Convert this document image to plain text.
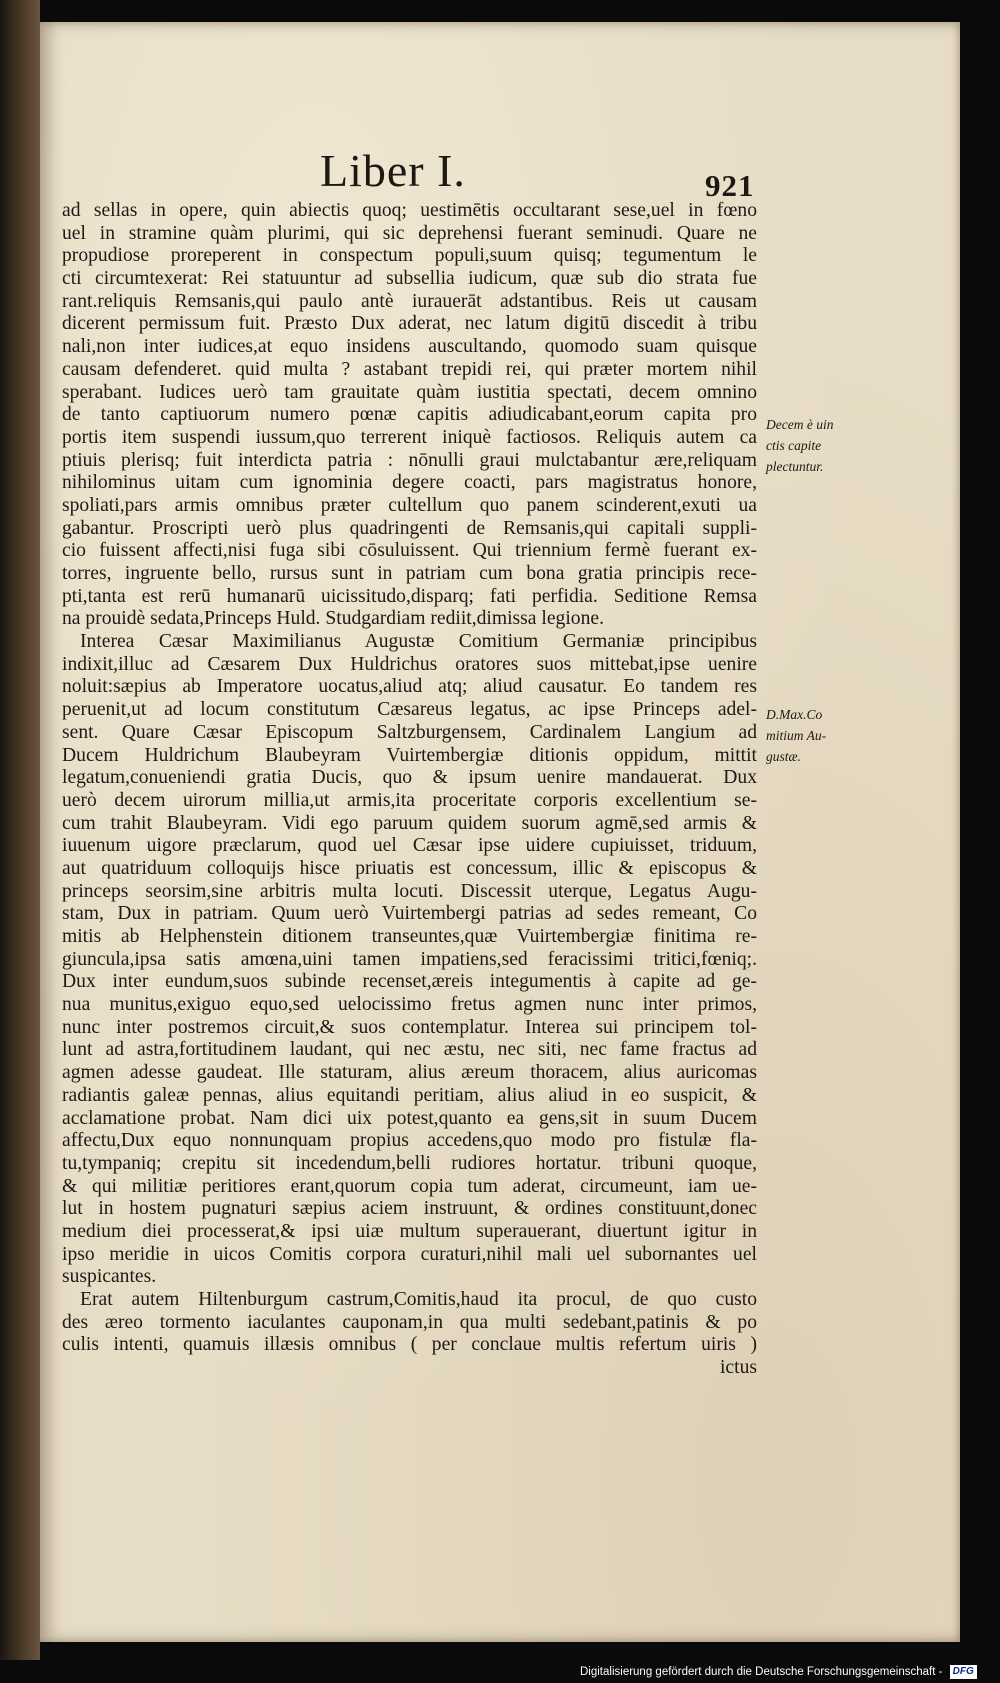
Liber I.	921
ad sellas in opere, quin abiectis quoq; uestimētis occultarant sese,uel in fœno
uel in stramine quàm plurimi, qui sic deprehensi fuerant seminudi. Quare ne
propudiose proreperent in conspectum populi,suum quisq; tegumentum le
cti circumtexerat: Rei statuuntur ad subsellia iudicum, quæ sub dio strata fue
rant.reliquis Remsanis,qui paulo antè iurauerāt adstantibus. Reis ut causam
dicerent permissum fuit. Præsto Dux aderat, nec latum digitū discedit à tribu
nali,non inter iudices,at equo insidens auscultando, quomodo suam quisque
causam defenderet. quid multa ? astabant trepidi rei, qui præter mortem nihil
sperabant. Iudices uerò tam grauitate quàm iustitia spectati, decem omnino
de tanto captiuorum numero pœnæ capitis adiudicabant,eorum capita pro
portis item suspendi iussum,quo terrerent iniquè factiosos. Reliquis autem ca
ptiuis plerisq; fuit interdicta patria : nōnulli graui mulctabantur ære,reliquam
nihilominus uitam cum ignominia degere coacti, pars magistratus honore,
spoliati,pars armis omnibus præter cultellum quo panem scinderent,exuti ua
gabantur. Proscripti uerò plus quadringenti de Remsanis,qui capitali suppli-
cio fuissent affecti,nisi fuga sibi cōsuluissent. Qui triennium fermè fuerant ex-
torres, ingruente bello, rursus sunt in patriam cum bona gratia principis rece-
pti,tanta est rerū humanarū uicissitudo,disparq; fati perfidia. Seditione Remsa
na prouidè sedata,Princeps Huld. Studgardiam rediit,dimissa legione.
Interea Cæsar Maximilianus Augustæ Comitium Germaniæ principibus
indixit,illuc ad Cæsarem Dux Huldrichus oratores suos mittebat,ipse uenire
noluit:sæpius ab Imperatore uocatus,aliud atq; aliud causatur. Eo tandem res
peruenit,ut ad locum constitutum Cæsareus legatus, ac ipse Princeps adel-
sent. Quare Cæsar Episcopum Saltzburgensem, Cardinalem Langium ad
Ducem Huldrichum Blaubeyram Vuirtembergiæ ditionis oppidum, mittit
legatum,conueniendi gratia Ducis, quo & ipsum uenire mandauerat. Dux
uerò decem uirorum millia,ut armis,ita proceritate corporis excellentium se-
cum trahit Blaubeyram. Vidi ego paruum quidem suorum agmē,sed armis &
iuuenum uigore præclarum, quod uel Cæsar ipse uidere cupiuisset, triduum,
aut quatriduum colloquijs hisce priuatis est concessum, illic & episcopus &
princeps seorsim,sine arbitris multa locuti. Discessit uterque, Legatus Augu-
stam, Dux in patriam. Quum uerò Vuirtembergi patrias ad sedes remeant, Co
mitis ab Helphenstein ditionem transeuntes,quæ Vuirtembergiæ finitima re-
giuncula,ipsa satis amœna,uini tamen impatiens,sed feracissimi tritici,fœniq;.
Dux inter eundum,suos subinde recenset,æreis integumentis à capite ad ge-
nua munitus,exiguo equo,sed uelocissimo fretus agmen nunc inter primos,
nunc inter postremos circuit,& suos contemplatur. Interea sui principem tol-
lunt ad astra,fortitudinem laudant, qui nec æstu, nec siti, nec fame fractus ad
agmen adesse gaudeat. Ille staturam, alius æreum thoracem, alius auricomas
radiantis galeæ pennas, alius equitandi peritiam, alius aliud in eo suspicit, &
acclamatione probat. Nam dici uix potest,quanto ea gens,sit in suum Ducem
affectu,Dux equo nonnunquam propius accedens,quo modo pro fistulæ fla-
tu,tympaniq; crepitu sit incedendum,belli rudiores hortatur. tribuni quoque,
& qui militiæ peritiores erant,quorum copia tum aderat, circumeunt, iam ue-
lut in hostem pugnaturi sæpius aciem instruunt, & ordines constituunt,donec
medium diei processerat,& ipsi uiæ multum superauerant, diuertunt igitur in
ipso meridie in uicos Comitis corpora curaturi,nihil mali uel subornantes uel
suspicantes.
Erat autem Hiltenburgum castrum,Comitis,haud ita procul, de quo custo
des æreo tormento iaculantes cauponam,in qua multi sedebant,patinis & po
culis intenti, quamuis illæsis omnibus ( per conclaue multis refertum uiris )
ictus
Decem è uin
ctis capite
plectuntur.
D.Max.Co
mitium Au-
gustæ.
Digitalisierung gefördert durch die Deutsche Forschungsgemeinschaft - DFG
